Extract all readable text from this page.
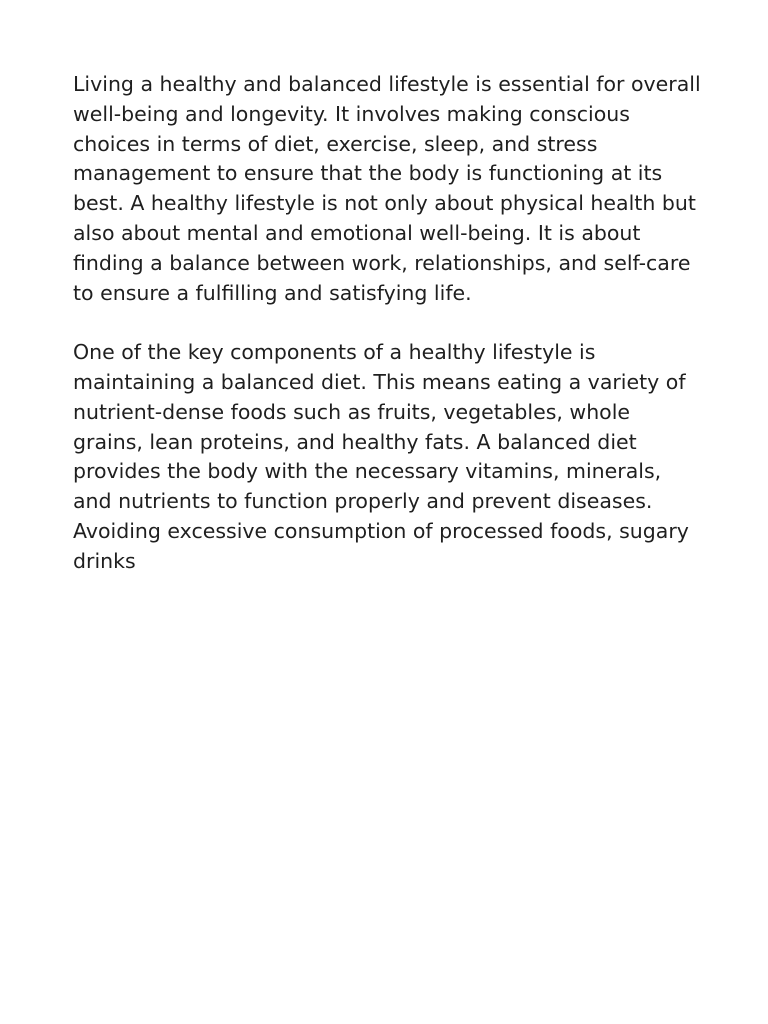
Living a healthy and balanced lifestyle is essential for overall well-being and longevity. It involves making conscious choices in terms of diet, exercise, sleep, and stress management to ensure that the body is functioning at its best. A healthy lifestyle is not only about physical health but also about mental and emotional well-being. It is about finding a balance between work, relationships, and self-care to ensure a fulfilling and satisfying life.

One of the key components of a healthy lifestyle is maintaining a balanced diet. This means eating a variety of nutrient-dense foods such as fruits, vegetables, whole grains, lean proteins, and healthy fats. A balanced diet provides the body with the necessary vitamins, minerals, and nutrients to function properly and prevent diseases. Avoiding excessive consumption of processed foods, sugary drinks
